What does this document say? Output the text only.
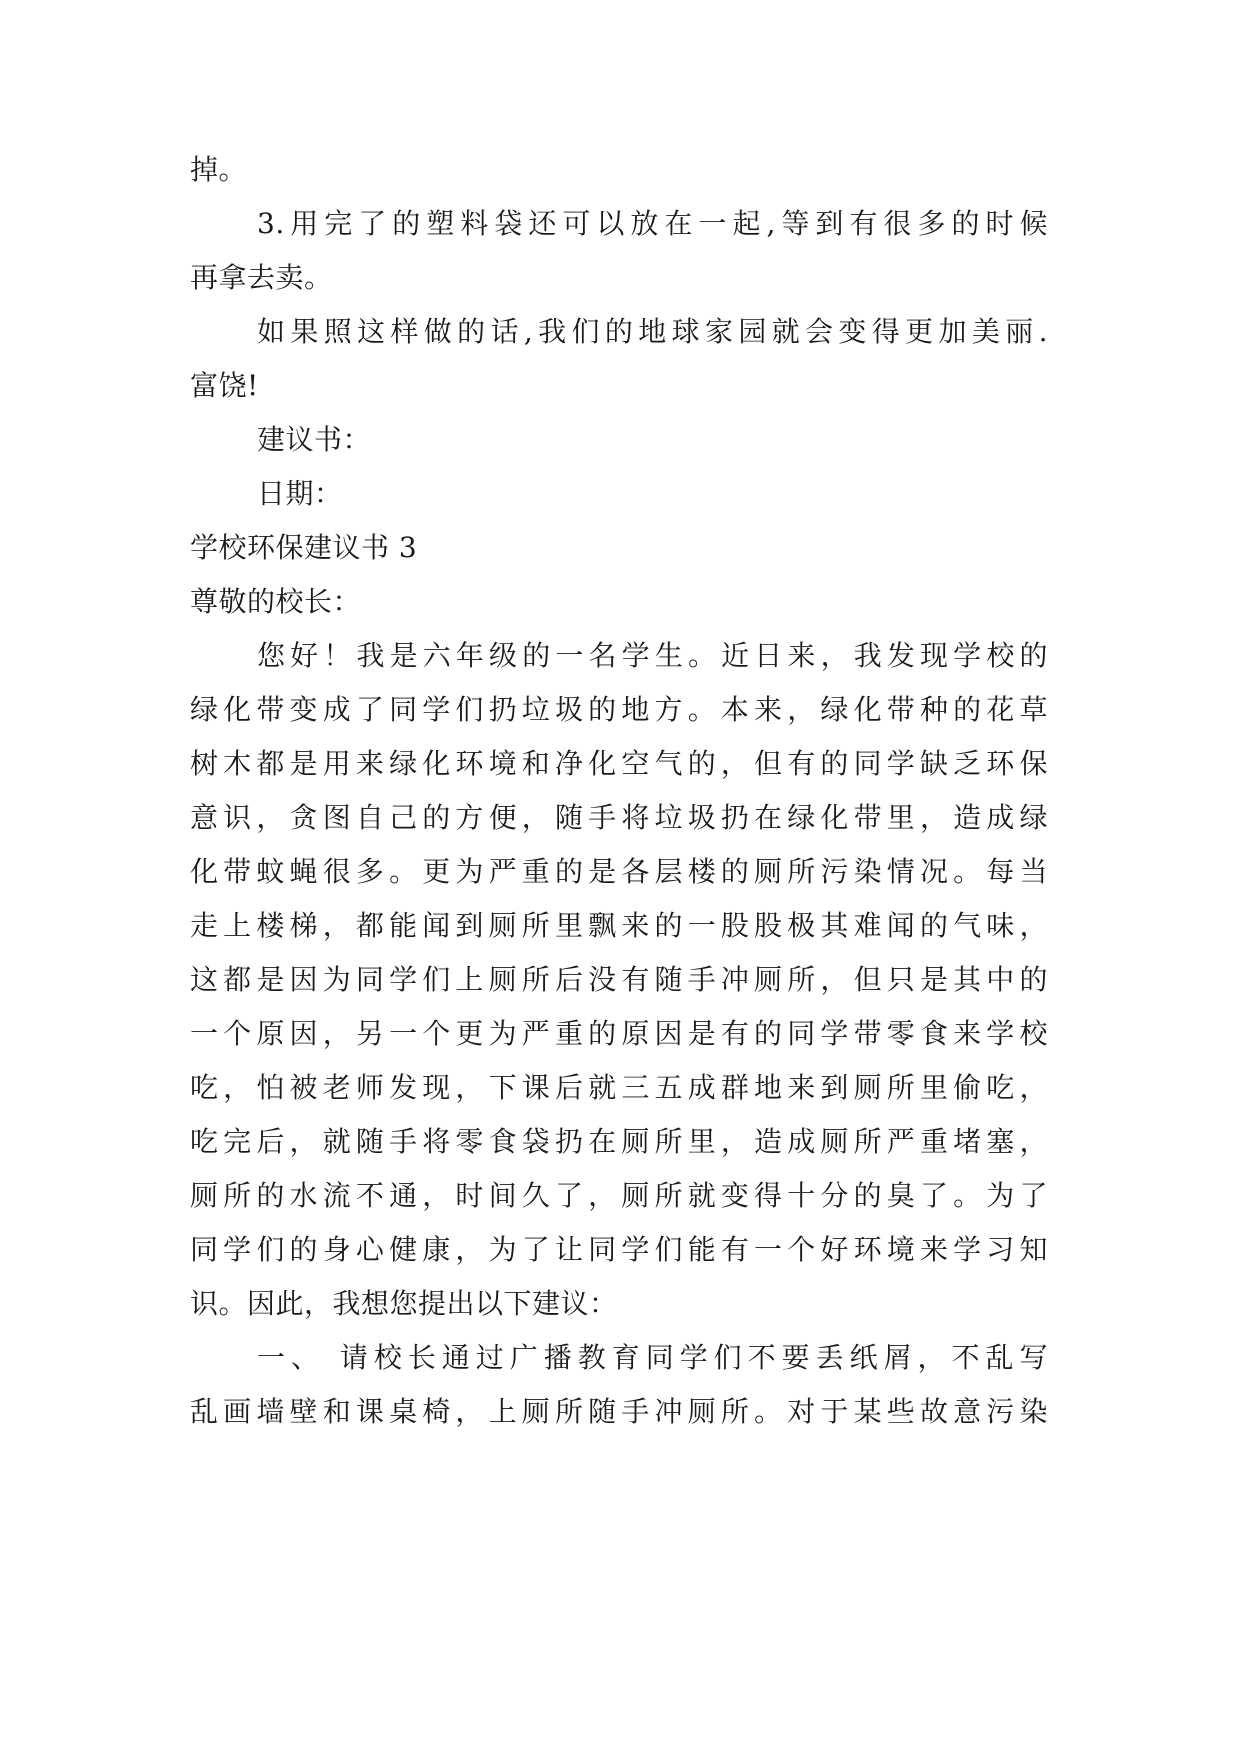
掉。
3.用完了的塑料袋还可以放在一起,等到有很多的时候
再拿去卖。
如果照这样做的话,我们的地球家园就会变得更加美丽.
富饶!
建议书：
日期：
学校环保建议书 3
尊敬的校长：
您好！我是六年级的一名学生。近日来，我发现学校的
绿化带变成了同学们扔垃圾的地方。本来，绿化带种的花草
树木都是用来绿化环境和净化空气的，但有的同学缺乏环保
意识，贪图自己的方便，随手将垃圾扔在绿化带里，造成绿
化带蚊蝇很多。更为严重的是各层楼的厕所污染情况。每当
走上楼梯，都能闻到厕所里飘来的一股股极其难闻的气味，
这都是因为同学们上厕所后没有随手冲厕所，但只是其中的
一个原因，另一个更为严重的原因是有的同学带零食来学校
吃，怕被老师发现，下课后就三五成群地来到厕所里偷吃，
吃完后，就随手将零食袋扔在厕所里，造成厕所严重堵塞，
厕所的水流不通，时间久了，厕所就变得十分的臭了。为了
同学们的身心健康，为了让同学们能有一个好环境来学习知
识。因此，我想您提出以下建议：
一、 请校长通过广播教育同学们不要丢纸屑，不乱写
乱画墙壁和课桌椅，上厕所随手冲厕所。对于某些故意污染
